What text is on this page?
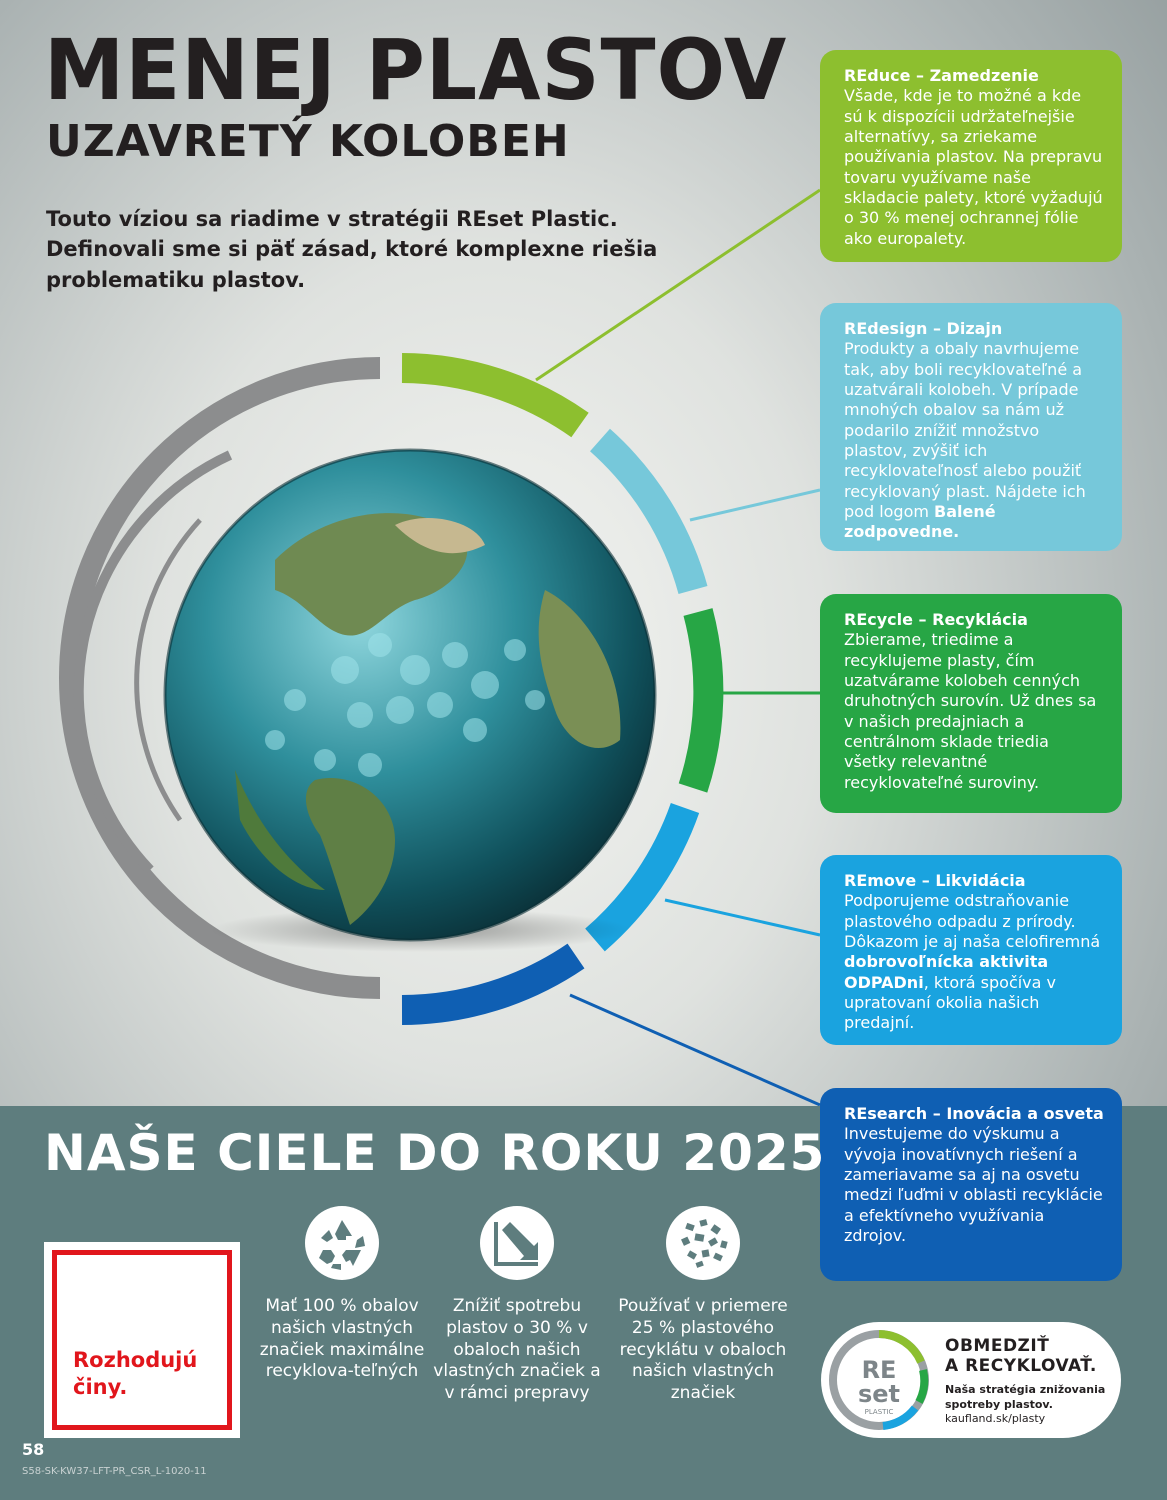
MENEJ PLASTOV
UZAVRETÝ KOLOBEH

Touto víziou sa riadime v stratégii REset Plastic. Definovali sme si päť zásad, ktoré komplexne riešia problematiku plastov.

REduce – Zamedzenie

Všade, kde je to možné a kde sú k dispozícii udržateľnejšie alternatívy, sa zriekame používania plastov. Na prepravu tovaru využívame naše skladacie palety, ktoré vyžadujú o 30 % menej ochrannej fólie ako europalety.

REdesign – Dizajn

Produkty a obaly navrhujeme tak, aby boli recyklovateľné a uzatvárali kolobeh. V prípade mnohých obalov sa nám už podarilo znížiť množstvo plastov, zvýšiť ich recyklovateľnosť alebo použiť recyklovaný plast. Nájdete ich pod logom Balené zodpovedne.

REcycle – Recyklácia

Zbierame, triedime a recyklujeme plasty, čím uzatvárame kolobeh cenných druhotných surovín. Už dnes sa v našich predajniach a centrálnom sklade triedia všetky relevantné recyklovateľné suroviny.

REmove – Likvidácia

Podporujeme odstraňovanie plastového odpadu z prírody. Dôkazom je aj naša celofiremná dobrovoľnícka aktivita ODPADni, ktorá spočíva v upratovaní okolia našich predajní.

REsearch – Inovácia a osveta

Investujeme do výskumu a vývoja inovatívnych riešení a zameriavame sa aj na osvetu medzi ľuďmi v oblasti recyklácie a efektívneho využívania zdrojov.

NAŠE CIELE DO ROKU 2025
Rozhodujú
činy.

Mať 100 % obalov našich vlastných značiek maximálne recyklova-teľných

Znížiť spotrebu plastov o 30 % v obaloch našich vlastných značiek a v rámci prepravy

Používať v priemere 25 % plastového recyklátu v obaloch našich vlastných značiek

RE
set
PLASTIC
OBMEDZIŤ
A RECYKLOVAŤ.
Naša stratégia znižovania
spotreby plastov.
kaufland.sk/plasty
58
S58-SK-KW37-LFT-PR_CSR_L-1020-11
